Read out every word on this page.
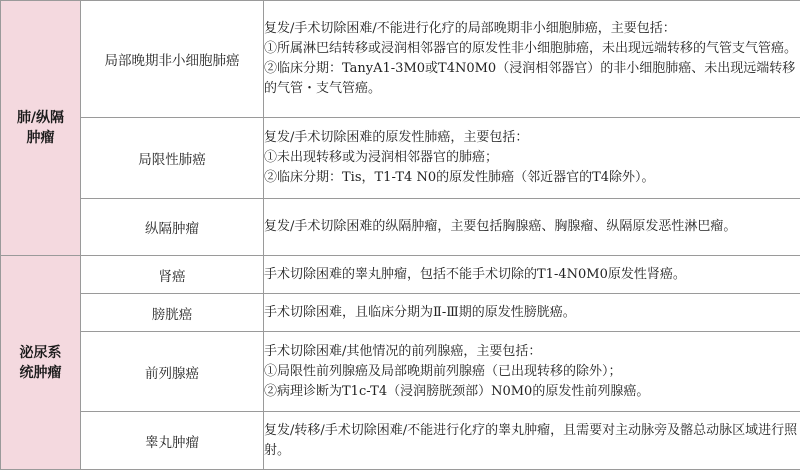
肺/纵隔
肿瘤	局部晚期非小细胞肺癌	复发/手术切除困难/不能进行化疗的局部晚期非小细胞肺癌，主要包括：
①所属淋巴结转移或浸润相邻器官的原发性非小细胞肺癌，未出现远端转移的气管支气管癌。
②临床分期：TanyA1-3M0或T4N0M0（浸润相邻器官）的非小细胞肺癌、未出现远端转移的气管・支气管癌。

	局限性肺癌	复发/手术切除困难的原发性肺癌，主要包括：
①未出现转移或为浸润相邻器官的肺癌；
②临床分期：Tis，T1-T4 N0的原发性肺癌（邻近器官的T4除外）。

	纵隔肿瘤	复发/手术切除困难的纵隔肿瘤，主要包括胸腺癌、胸腺瘤、纵隔原发恶性淋巴瘤。

泌尿系
统肿瘤	肾癌	手术切除困难的睾丸肿瘤，包括不能手术切除的T1-4N0M0原发性肾癌。

	膀胱癌	手术切除困难，且临床分期为Ⅱ-Ⅲ期的原发性膀胱癌。

	前列腺癌	手术切除困难/其他情况的前列腺癌，主要包括：
①局限性前列腺癌及局部晚期前列腺癌（已出现转移的除外）；
②病理诊断为T1c-T4（浸润膀胱颈部）N0M0的原发性前列腺癌。

	睾丸肿瘤	复发/转移/手术切除困难/不能进行化疗的睾丸肿瘤，且需要对主动脉旁及髂总动脉区域进行照射。
